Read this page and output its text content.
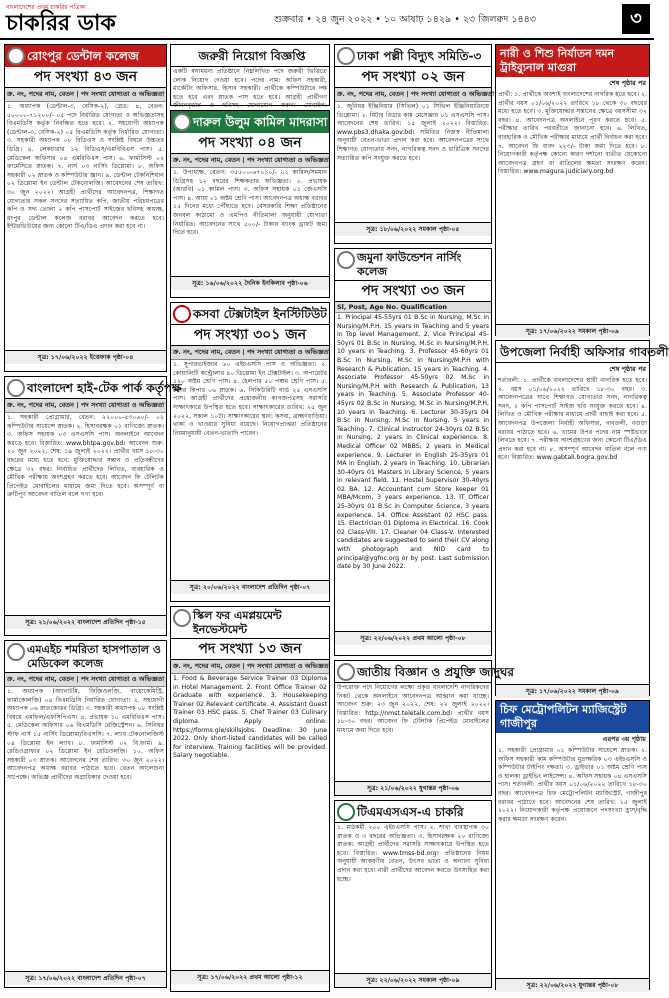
বাংলাদেশের প্রথম চাকরির পত্রিকা
চাকরির ডাক	শুক্রবার • ২৪ জুন ২০২২ • ১০ আষাঢ় ১৪২৯ • ২৩ জিলক্বদ ১৪৪৩	৩
রোংপুর ডেন্টাল কলেজ
পদ সংখ্যা ৪৩ জন
ক্র. নং, পদের নাম, বেতন | পদ সংখ্যা যোগ্যতা ও অভিজ্ঞতা
১. অধ্যাপক (ডেন্টাল-৩, বেসিক-২), গ্রেড: ৪, বেতন: ৫০০০০-৭১২০০/- ০৫ পদে নির্ধারিত যোগ্যতা ও অভিজ্ঞতাসহ বিএমডিসি কর্তৃক নিবন্ধিত হতে হবে। ২. সহযোগী অধ্যাপক (ডেন্টাল-৩, বেসিক-২) ০৫ বিএমডিসি কর্তৃক নির্ধারিত যোগ্যতা। ৩. সহকারী অধ্যাপক ০৮ বিডিএস ও সংশ্লিষ্ট বিষয়ে উচ্চতর ডিগ্রি। ৪. লেকচারার ১২ বিডিএস/এমবিবিএস পাস। ৫. মেডিকেল অফিসার ০৪ এমবিবিএস পাস। ৬. ফার্মাসিস্ট ০২ ফার্মেসিতে স্নাতক। ৭. নার্স ০৩ নার্সিং ডিপ্লোমা। ৮. অফিস সহকারী ০২ স্নাতক ও কম্পিউটার জ্ঞান। ৯. ডেন্টাল টেকনিশিয়ান ০২ ডিপ্লোমা ইন ডেন্টাল টেকনোলজি। আবেদনের শেষ তারিখ: ৩০ জুন ২০২২। আগ্রহী প্রার্থীদের আবেদনপত্র, শিক্ষাগত যোগ্যতার সকল সনদের সত্যায়িত কপি, জাতীয় পরিচয়পত্রের কপি ও সদ্য তোলা ২ কপি পাসপোর্ট সাইজের ছবিসহ অধ্যক্ষ, রংপুর ডেন্টাল কলেজ বরাবর আবেদন করতে হবে। ইন্টারভিউয়ের জন্য কোনো টিএ/ডিএ প্রদান করা হবে না।
সূত্র: ১৭/০৬/২০২২ ইত্তেফাক পৃষ্ঠা-০৪
বাংলাদেশ হাই-টেক পার্ক কর্তৃপক্ষ
ক্র. নং, পদের নাম, বেতন | পদ সংখ্যা যোগ্যতা ও অভিজ্ঞতা
১. সহকারী প্রোগ্রামার, বেতন: ২২০০০-৫৩০৬০/- ০২ কম্পিউটার সায়েন্সে স্নাতক। ২. হিসাবরক্ষক ০১ বাণিজ্যে স্নাতক। ৩. অফিস সহায়ক ০৩ এসএসসি পাস। অনলাইনে আবেদন করতে হবে। বিস্তারিত: www.bhtpa.gov.bd। আবেদন শুরু: ২০ জুন ২০২২, শেষ: ১৯ জুলাই ২০২২। প্রার্থীর বয়স ১৮-৩০ বছরের মধ্যে হতে হবে; মুক্তিযোদ্ধার সন্তান ও প্রতিবন্ধীদের ক্ষেত্রে ৩২ বছর। নির্বাচিত প্রার্থীদের লিখিত, ব্যবহারিক ও মৌখিক পরীক্ষায় অংশগ্রহণ করতে হবে। আবেদন ফি টেলিটক প্রিপেইড মোবাইলের মাধ্যমে জমা দিতে হবে। অসম্পূর্ণ বা ত্রুটিপূর্ণ আবেদন বাতিল বলে গণ্য হবে।
সূত্র: ২১/০৬/২০২২ বাংলাদেশ প্রতিদিন পৃষ্ঠা-১৫
এমএইচ শমরিতা হাসপাতাল ও মেডিকেল কলেজ
ক্র. নং, পদের নাম, বেতন | পদ সংখ্যা যোগ্যতা ও অভিজ্ঞতা
১. অধ্যাপক (অ্যানাটমি, ফিজিওলজি, বায়োকেমিস্ট্রি, ফার্মাকোলজি) ০৪ বিএমডিসি নির্ধারিত যোগ্যতা। ২. সহযোগী অধ্যাপক ০৬ স্নাতকোত্তর ডিগ্রি। ৩. সহকারী অধ্যাপক ০৮ সংশ্লিষ্ট বিষয়ে এমফিল/এফসিপিএস। ৪. প্রভাষক ১০ এমবিবিএস পাস। ৫. মেডিকেল অফিসার ০৬ বিএমডিসি রেজিস্ট্রেশন। ৬. সিনিয়র স্টাফ নার্স ১৫ নার্সিং ডিপ্লোমা/বিএসসি। ৭. ল্যাব টেকনোলজিস্ট ০৪ ডিপ্লোমা ইন ল্যাব। ৮. ফার্মাসিস্ট ০২ বি.ফার্ম। ৯. রেডিওগ্রাফার ০২ ডিপ্লোমা ইন রেডিওলজি। ১০. অফিস সহকারী ০৩ স্নাতক। আবেদনের শেষ তারিখ: ৩০ জুন ২০২২। আবেদনপত্র অধ্যক্ষ বরাবর পাঠাতে হবে। বেতন আলোচনা সাপেক্ষে। অভিজ্ঞ প্রার্থীদের অগ্রাধিকার দেওয়া হবে।
সূত্র: ১৭/০৬/২০২২ বাংলাদেশ প্রতিদিন পৃষ্ঠা-০৭
জরুরী নিয়োগ বিজ্ঞপ্তি
একটি স্বনামধন্য প্রতিষ্ঠানে নিম্নলিখিত পদে জরুরী ভিত্তিতে লোক নিয়োগ দেওয়া হবে। পদের নাম: অফিস সহকারী, মার্কেটিং অফিসার, হিসাব সহকারী। প্রার্থীকে কম্পিউটারে দক্ষ হতে হবে এবং স্নাতক পাস হতে হবে। আগ্রহী প্রার্থীগণ জীবনবৃত্তান্ত ও ছবিসহ যোগাযোগ করুন। মোবাইল:
দারুল উলুম কামিল মাদরাসা
পদ সংখ্যা ০৪ জন
ক্র. নং, পদের নাম, বেতন | পদ সংখ্যা যোগ্যতা ও অভিজ্ঞতা
১. উপাধ্যক্ষ, বেতন: ৩৫৫০০-৬৭০১০/- ০১ কামিল/সমমান ডিগ্রিসহ ১২ বছরের শিক্ষকতার অভিজ্ঞতা। ২. প্রভাষক (আরবি) ০১ কামিল পাস। ৩. অফিস সহায়ক ০১ জেএসসি পাস। ৪. আয়া ০১ অষ্টম শ্রেণি পাস। আবেদনপত্র অধ্যক্ষ বরাবর ১৫ দিনের মধ্যে পৌঁছাতে হবে। বেসরকারি শিক্ষা প্রতিষ্ঠানের জনবল কাঠামো ও এমপিও নীতিমালা অনুযায়ী যোগ্যতা নির্ধারিত। আবেদনের সাথে ৫০০/- টাকার ব্যাংক ড্রাফট জমা দিতে হবে।
সূত্র: ১৬/০৬/২০২২ দৈনিক ইনকিলাব পৃষ্ঠা-০৬
কসবা টেক্সটাইল ইনস্টিটিউট
পদ সংখ্যা ৩০১ জন
ক্র. নং, পদের নাম, বেতন | পদ সংখ্যা যোগ্যতা ও অভিজ্ঞতা
১. সুপারভাইজার ৬০ এইচএসসি পাস ও অভিজ্ঞতা। ২. কোয়ালিটি কন্ট্রোলার ৪০ ডিপ্লোমা ইন টেক্সটাইল। ৩. অপারেটর ১২০ অষ্টম শ্রেণি পাস। ৪. হেলপার ৫০ পঞ্চম শ্রেণি পাস। ৫. স্টোর কিপার ০৬ স্নাতক। ৬. সিকিউরিটি গার্ড ২৫ এসএসসি পাস। আগ্রহী প্রার্থীদের প্রয়োজনীয় কাগজপত্রসহ সরাসরি সাক্ষাৎকারে উপস্থিত হতে হবে। সাক্ষাৎকারের তারিখ: ২৫ জুন ২০২২, সকাল ১০টা। সাক্ষাৎকারের স্থান: কসবা, ব্রাহ্মণবাড়িয়া। থাকা ও খাওয়ার সুবিধা রয়েছে। নিয়োগপ্রাপ্তরা প্রতিষ্ঠানের নিয়মানুযায়ী বেতন-ভাতাদি পাবেন।
সূত্র: ২০/০৬/২০২২ বাংলাদেশ প্রতিদিন পৃষ্ঠা-০৭
স্কিল ফর এমপ্লয়মেন্ট ইনভেস্টমেন্ট
পদ সংখ্যা ১৩ জন
ক্র. নং, পদের নাম, বেতন | পদ সংখ্যা যোগ্যতা ও অভিজ্ঞতা
1. Food & Beverage Service Trainer 03 Diploma in Hotel Management. 2. Front Office Trainer 02 Graduate with experience. 3. Housekeeping Trainer 02 Relevant certificate. 4. Assistant Guest Trainer 03 HSC pass. 5. Chef Trainer 03 Culinary diploma. Apply online: https://forms.gle/skillsjobs. Deadline: 30 June 2022. Only short-listed candidates will be called for interview. Training facilities will be provided. Salary negotiable.
সূত্র: ১৭/০৬/২০২২ প্রথম আলো পৃষ্ঠা-১২
ঢাকা পল্লী বিদ্যুৎ সমিতি-৩
পদ সংখ্যা ০২ জন
ক্র. নং, পদের নাম, বেতন | পদ সংখ্যা যোগ্যতা ও অভিজ্ঞতা
১. জুনিয়র ইঞ্জিনিয়ার (সিভিল) ০১ সিভিল ইঞ্জিনিয়ারিংয়ে ডিপ্লোমা। ২. মিটার রিডার কাম মেসেঞ্জার ০১ এসএসসি পাস। আবেদনের শেষ তারিখ: ১৫ জুলাই ২০২২। বিস্তারিত: www.pbs3.dhaka.gov.bd। সমিতির নিজস্ব নীতিমালা অনুযায়ী বেতন-ভাতা প্রদান করা হবে। আবেদনপত্রের সাথে শিক্ষাগত যোগ্যতার সনদ, নাগরিকত্ব সনদ ও চারিত্রিক সনদের সত্যায়িত কপি সংযুক্ত করতে হবে।
সূত্র: ১৮/০৬/২০২২ সমকাল পৃষ্ঠা-০৫
জমুনা ফাউন্ডেশন নার্সিং কলেজ
পদ সংখ্যা ৩৩ জন
Sl, Post, Age No. Qualification
1. Principal 45-55yrs 01 B.Sc in Nursing, M.Sc in Nursing/M.P.H. 15 years in Teaching and 5 years in Top level Management. 2. Vice Principal 45-50yrs 01 B.Sc in Nursing, M.Sc in Nursing/M.P.H, 10 years in Teaching. 3. Professor 45-60yrs 01 B.Sc in Nursing, M.Sc in Nursing/M.P.H with Research & Publication, 15 years in Teaching. 4. Associate Professor 45-50yrs 02 M.Sc in Nursing/M.P.H with Research & Publication, 13 years in Teaching. 5. Associate Professor 40-45yrs 02 B.Sc in Nursing, M.Sc in Nursing/M.P.H, 10 years in Teaching. 6. Lecturer 30-35yrs 04 B.Sc in Nursing, M.Sc in Nursing, 5 years in Teaching. 7. Clinical Instructor 24-30yrs 02 B.Sc in Nursing, 2 years in Clinical experience. 8. Medical Officer 02 MBBS, 2 years in Medical experience. 9. Lecturer in English 25-35yrs 01 MA in English, 2 years in Teaching. 10. Librarian 30-40yrs 01 Masters in Library Science, 5 years in relevant field. 11. Hostel Supervisor 30-40yrs 02 BA. 12. Accountant cum Store keeper 01 MBA/Mcom, 3 years experience. 13. IT Officer 25-30yrs 01 B.Sc in Computer Science, 3 years experience. 14. Office Assistant 02 HSC pass. 15. Electrician 01 Diploma in Electrical. 16. Cook 02 Class-VIII. 17. Cleaner 04 Class-V. Interested candidates are suggested to send their CV along with photograph and NID card to principal@ygfnc.org or by post. Last submission date by 30 June 2022.
সূত্র: ২২/০৬/২০২২ প্রথম আলো পৃষ্ঠা-০৮
জাতীয় বিজ্ঞান ও প্রযুক্তি জাদুঘর
উপরোক্ত পদে নিয়োগের লক্ষ্যে প্রকৃত বাংলাদেশি নাগরিকদের নিকট থেকে অনলাইনে আবেদনপত্র আহ্বান করা যাচ্ছে। আবেদন শুরু: ২৩ জুন ২০২২, শেষ: ২২ জুলাই ২০২২। বিস্তারিত: http://nmst.teletalk.com.bd। প্রার্থীর বয়স ১৮-৩০ বছর। আবেদন ফি টেলিটক প্রিপেইড মোবাইলের মাধ্যমে জমা দিতে হবে।
সূত্র: ২১/০৬/২০২২ যুগান্তর পৃষ্ঠা-০৬
টিএমএসএস-এ চাকরি
১. মাঠকর্মী ২০০ এইচএসসি পাস। ২. শাখা ব্যবস্থাপক ৩০ স্নাতক ও ৩ বছরের অভিজ্ঞতা। ৩. হিসাবরক্ষক ২০ বাণিজ্যে স্নাতক। আগ্রহী প্রার্থীদের সরাসরি সাক্ষাৎকারে উপস্থিত হতে হবে। বিস্তারিত: www.tmss-bd.org। প্রতিষ্ঠানের নিয়ম অনুযায়ী আকর্ষণীয় বেতন, উৎসব ভাতা ও অন্যান্য সুবিধা প্রদান করা হবে। নারী প্রার্থীদের আবেদন করতে উৎসাহিত করা হচ্ছে।
সূত্র: ২২/০৬/২০২২ সমকাল পৃষ্ঠা-০৯
নারী ও শিশু নির্যাতন দমন ট্রাইব্যুনাল মাগুরা
শেষ পৃষ্ঠার পর
প্রার্থী: ১. প্রার্থীকে অবশ্যই বাংলাদেশের নাগরিক হতে হবে। ২. প্রার্থীর বয়স ০১/০৬/২০২২ তারিখে ১৮ থেকে ৩০ বছরের মধ্যে হতে হবে। ৩. মুক্তিযোদ্ধার সন্তানের ক্ষেত্রে বয়সসীমা ৩২ বছর। ৪. আবেদনপত্র অনলাইনে পূরণ করতে হবে। ৫. পরীক্ষার তারিখ পরবর্তীতে জানানো হবে। ৬. লিখিত, ব্যবহারিক ও মৌখিক পরীক্ষার মাধ্যমে প্রার্থী নির্বাচন করা হবে। ৭. আবেদন ফি বাবদ ২২৩/- টাকা জমা দিতে হবে। ৮. নিয়োগকারী কর্তৃপক্ষ কোনো কারণ দর্শানো ব্যতীত যেকোনো আবেদনপত্র গ্রহণ বা বাতিলের ক্ষমতা সংরক্ষণ করেন। বিস্তারিত: www.magura.judiciary.org.bd
সূত্র: ১৭/০৬/২০২২ সমকাল পৃষ্ঠা-০৯
উপজেলা নির্বাহী অফিসার গাবতলী
শেষ পৃষ্ঠার পর
শর্তাবলী: ১. প্রার্থীকে বাংলাদেশের স্থায়ী নাগরিক হতে হবে। ২. বয়স ০১/০৬/২০২২ তারিখে ১৮-৩০ বছর। ৩. আবেদনপত্রের সাথে শিক্ষাগত যোগ্যতার সনদ, নাগরিকত্ব সনদ, ২ কপি পাসপোর্ট সাইজ ছবি সংযুক্ত করতে হবে। ৪. লিখিত ও মৌখিক পরীক্ষার মাধ্যমে প্রার্থী বাছাই করা হবে। ৫. আবেদনপত্র উপজেলা নির্বাহী অফিসার, গাবতলী, বগুড়া বরাবর পাঠাতে হবে। ৬. খামের উপর পদের নাম স্পষ্টভাবে লিখতে হবে। ৭. পরীক্ষায় অংশগ্রহণের জন্য কোনো টিএ/ডিএ প্রদান করা হবে না। ৮. অসম্পূর্ণ আবেদন বাতিল বলে গণ্য হবে। বিস্তারিত: www.gabtali.bogra.gov.bd
সূত্র: ১৭/০৬/২০২২ সমকাল পৃষ্ঠা-০৯
চিফ মেট্রোপলিটন ম্যাজিস্ট্রেট গাজীপুর
এরপর ৩য় পৃষ্ঠায়
১. সহকারী প্রোগ্রামার ০১ কম্পিউটার সায়েন্সে স্নাতক। ২. অফিস সহকারী কাম কম্পিউটার মুদ্রাক্ষরিক ০৩ এইচএসসি ও কম্পিউটার টাইপিং দক্ষতা। ৩. ড্রাইভার ০১ অষ্টম শ্রেণি পাস ও হালকা ড্রাইভিং লাইসেন্স। ৪. অফিস সহায়ক ০৪ এসএসসি পাস। শর্তাবলী: প্রার্থীর বয়স ০১/০৬/২০২২ তারিখে ১৮-৩০ বছর। আবেদনপত্র চিফ মেট্রোপলিটন ম্যাজিস্ট্রেট, গাজীপুর বরাবর পাঠাতে হবে। আবেদনের শেষ তারিখ: ১৫ জুলাই ২০২২। নিয়োগকারী কর্তৃপক্ষ প্রয়োজনে পদসংখ্যা হ্রাস/বৃদ্ধি করার ক্ষমতা সংরক্ষণ করেন।
সূত্র: ২২/০৬/২০২২ যুগান্তর পৃষ্ঠা-০৮
